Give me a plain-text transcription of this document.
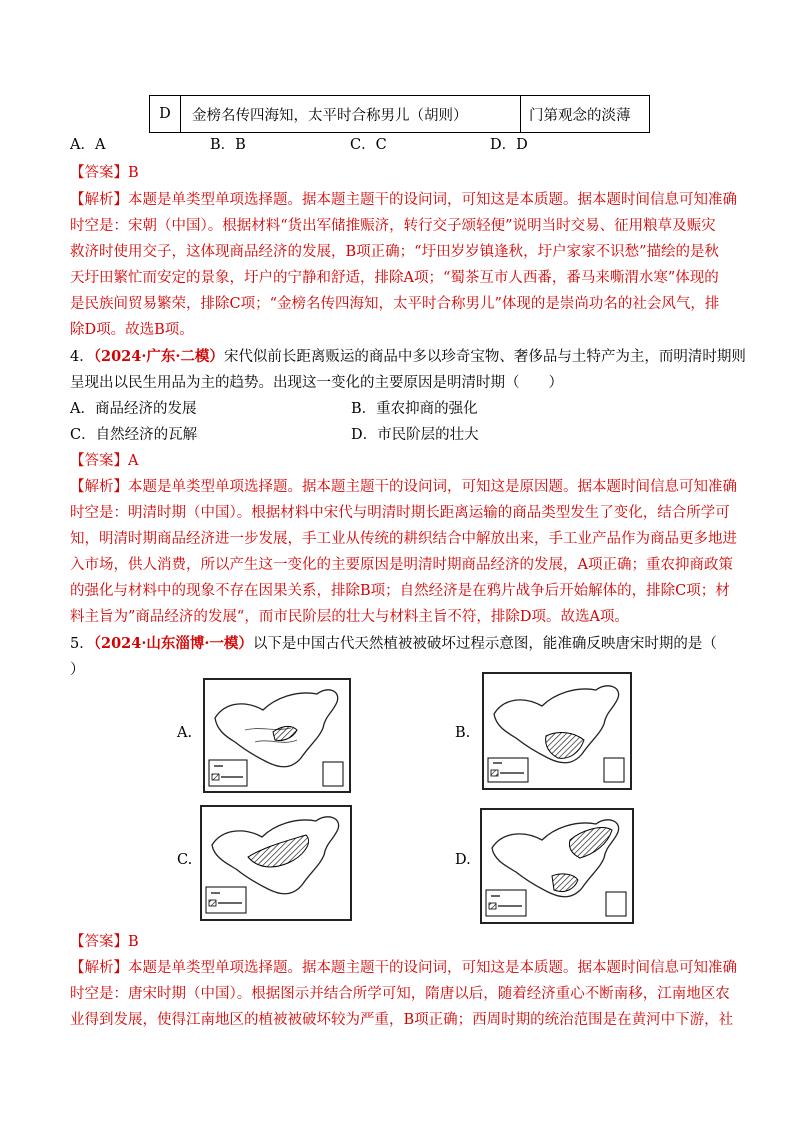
D	金榜名传四海知，太平时合称男儿（胡则）	门第观念的淡薄
A．A	B．B	C．C	D．D
【答案】B
【解析】本题是单类型单项选择题。据本题主题干的设问词，可知这是本质题。据本题时间信息可知准确
时空是：宋朝（中国）。根据材料“货出军储推赈济，转行交子颂轻便”说明当时交易、征用粮草及赈灾
救济时使用交子，这体现商品经济的发展，B项正确；“圩田岁岁镇逢秋，圩户家家不识愁”描绘的是秋
天圩田繁忙而安定的景象，圩户的宁静和舒适，排除A项；“蜀茶互市人西番，番马来嘶渭水寒”体现的
是民族间贸易繁荣，排除C项；“金榜名传四海知，太平时合称男儿”体现的是崇尚功名的社会风气，排
除D项。故选B项。
4．（2024·广东·二模）宋代似前长距离贩运的商品中多以珍奇宝物、奢侈品与土特产为主，而明清时期则
呈现出以民生用品为主的趋势。出现这一变化的主要原因是明清时期（　　）
A．商品经济的发展	B．重农抑商的强化
C．自然经济的瓦解	D．市民阶层的壮大
【答案】A
【解析】本题是单类型单项选择题。据本题主题干的设问词，可知这是原因题。据本题时间信息可知准确
时空是：明清时期（中国）。根据材料中宋代与明清时期长距离运输的商品类型发生了变化，结合所学可
知，明清时期商品经济进一步发展，手工业从传统的耕织结合中解放出来，手工业产品作为商品更多地进
入市场，供人消费，所以产生这一变化的主要原因是明清时期商品经济的发展，A项正确；重农抑商政策
的强化与材料中的现象不存在因果关系，排除B项；自然经济是在鸦片战争后开始解体的，排除C项；材
料主旨为”商品经济的发展“，而市民阶层的壮大与材料主旨不符，排除D项。故选A项。
5．（2024·山东淄博·一模）以下是中国古代天然植被被破坏过程示意图，能准确反映唐宋时期的是（
）
A.	B.
C.	D.
【答案】B
【解析】本题是单类型单项选择题。据本题主题干的设问词，可知这是本质题。据本题时间信息可知准确
时空是：唐宋时期（中国）。根据图示并结合所学可知，隋唐以后，随着经济重心不断南移，江南地区农
业得到发展，使得江南地区的植被被破坏较为严重，B项正确；西周时期的统治范围是在黄河中下游，社
